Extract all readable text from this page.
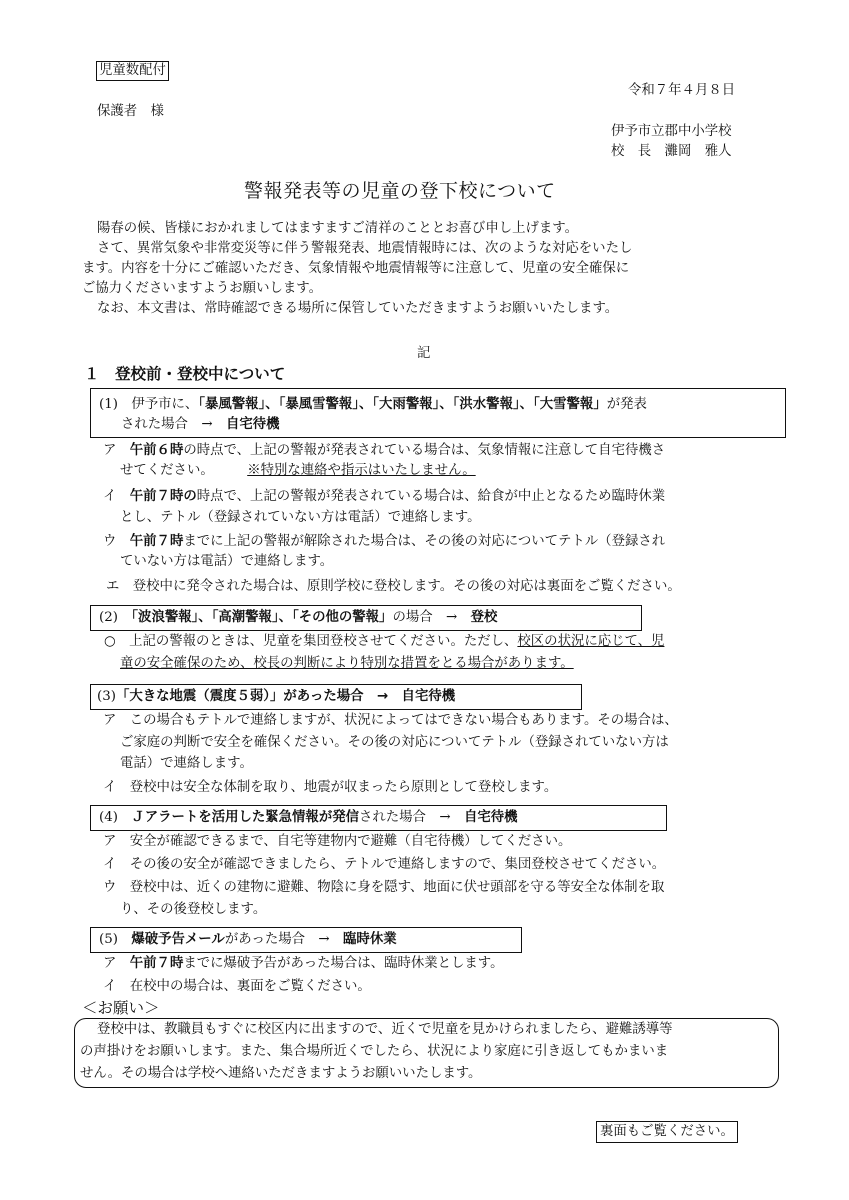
児童数配付
令和７年４月８日
保護者　様
伊予市立郡中小学校
校　長　灘岡　雅人
警報発表等の児童の登下校について
陽春の候、皆様におかれましてはますますご清祥のこととお喜び申し上げます。
さて、異常気象や非常変災等に伴う警報発表、地震情報時には、次のような対応をいたし
ます。内容を十分にご確認いただき、気象情報や地震情報等に注意して、児童の安全確保に
ご協力くださいますようお願いします。
なお、本文書は、常時確認できる場所に保管していただきますようお願いいたします。
記
１　登校前・登校中について
(1)　伊予市に、「暴風警報」、「暴風雪警報」、「大雨警報」、「洪水警報」、「大雪警報」が発表
された場合　→　自宅待機
ア　 午前６時の時点で、上記の警報が発表されている場合は、気象情報に注意して自宅待機さ
せてください。　　　	※特別な連絡や指示はいたしません。
イ　 午前７時の時点で、上記の警報が発表されている場合は、給食が中止となるため臨時休業
とし、テトル（登録されていない方は電話）で連絡します。
ウ　 午前７時までに上記の警報が解除された場合は、その後の対応についてテトル（登録され
ていない方は電話）で連絡します。
エ　 登校中に発令された場合は、原則学校に登校します。その後の対応は裏面をご覧ください。
(2)　「波浪警報」、「高潮警報」、「その他の警報」の場合　→　登校
○　 上記の警報のときは、児童を集団登校させてください。ただし、校区の状況に応じて、児
童の安全確保のため、校長の判断により特別な措置をとる場合があります。
(3)「大きな地震（震度５弱）」があった場合　→　自宅待機
ア　 この場合もテトルで連絡しますが、状況によってはできない場合もあります。その場合は、
ご家庭の判断で安全を確保ください。その後の対応についてテトル（登録されていない方は
電話）で連絡します。
イ　 登校中は安全な体制を取り、地震が収まったら原則として登校します。
(4)　Ｊアラートを活用した緊急情報が発信された場合　→　自宅待機
ア　 安全が確認できるまで、自宅等建物内で避難（自宅待機）してください。
イ　 その後の安全が確認できましたら、テトルで連絡しますので、集団登校させてください。
ウ　 登校中は、近くの建物に避難、物陰に身を隠す、地面に伏せ頭部を守る等安全な体制を取
り、その後登校します。
(5)　爆破予告メールがあった場合　→　臨時休業
ア　 午前７時までに爆破予告があった場合は、臨時休業とします。
イ　 在校中の場合は、裏面をご覧ください。
＜お願い＞
登校中は、教職員もすぐに校区内に出ますので、近くで児童を見かけられましたら、避難誘導等
の声掛けをお願いします。また、集合場所近くでしたら、状況により家庭に引き返してもかまいま
せん。その場合は学校へ連絡いただきますようお願いいたします。
裏面もご覧ください。
